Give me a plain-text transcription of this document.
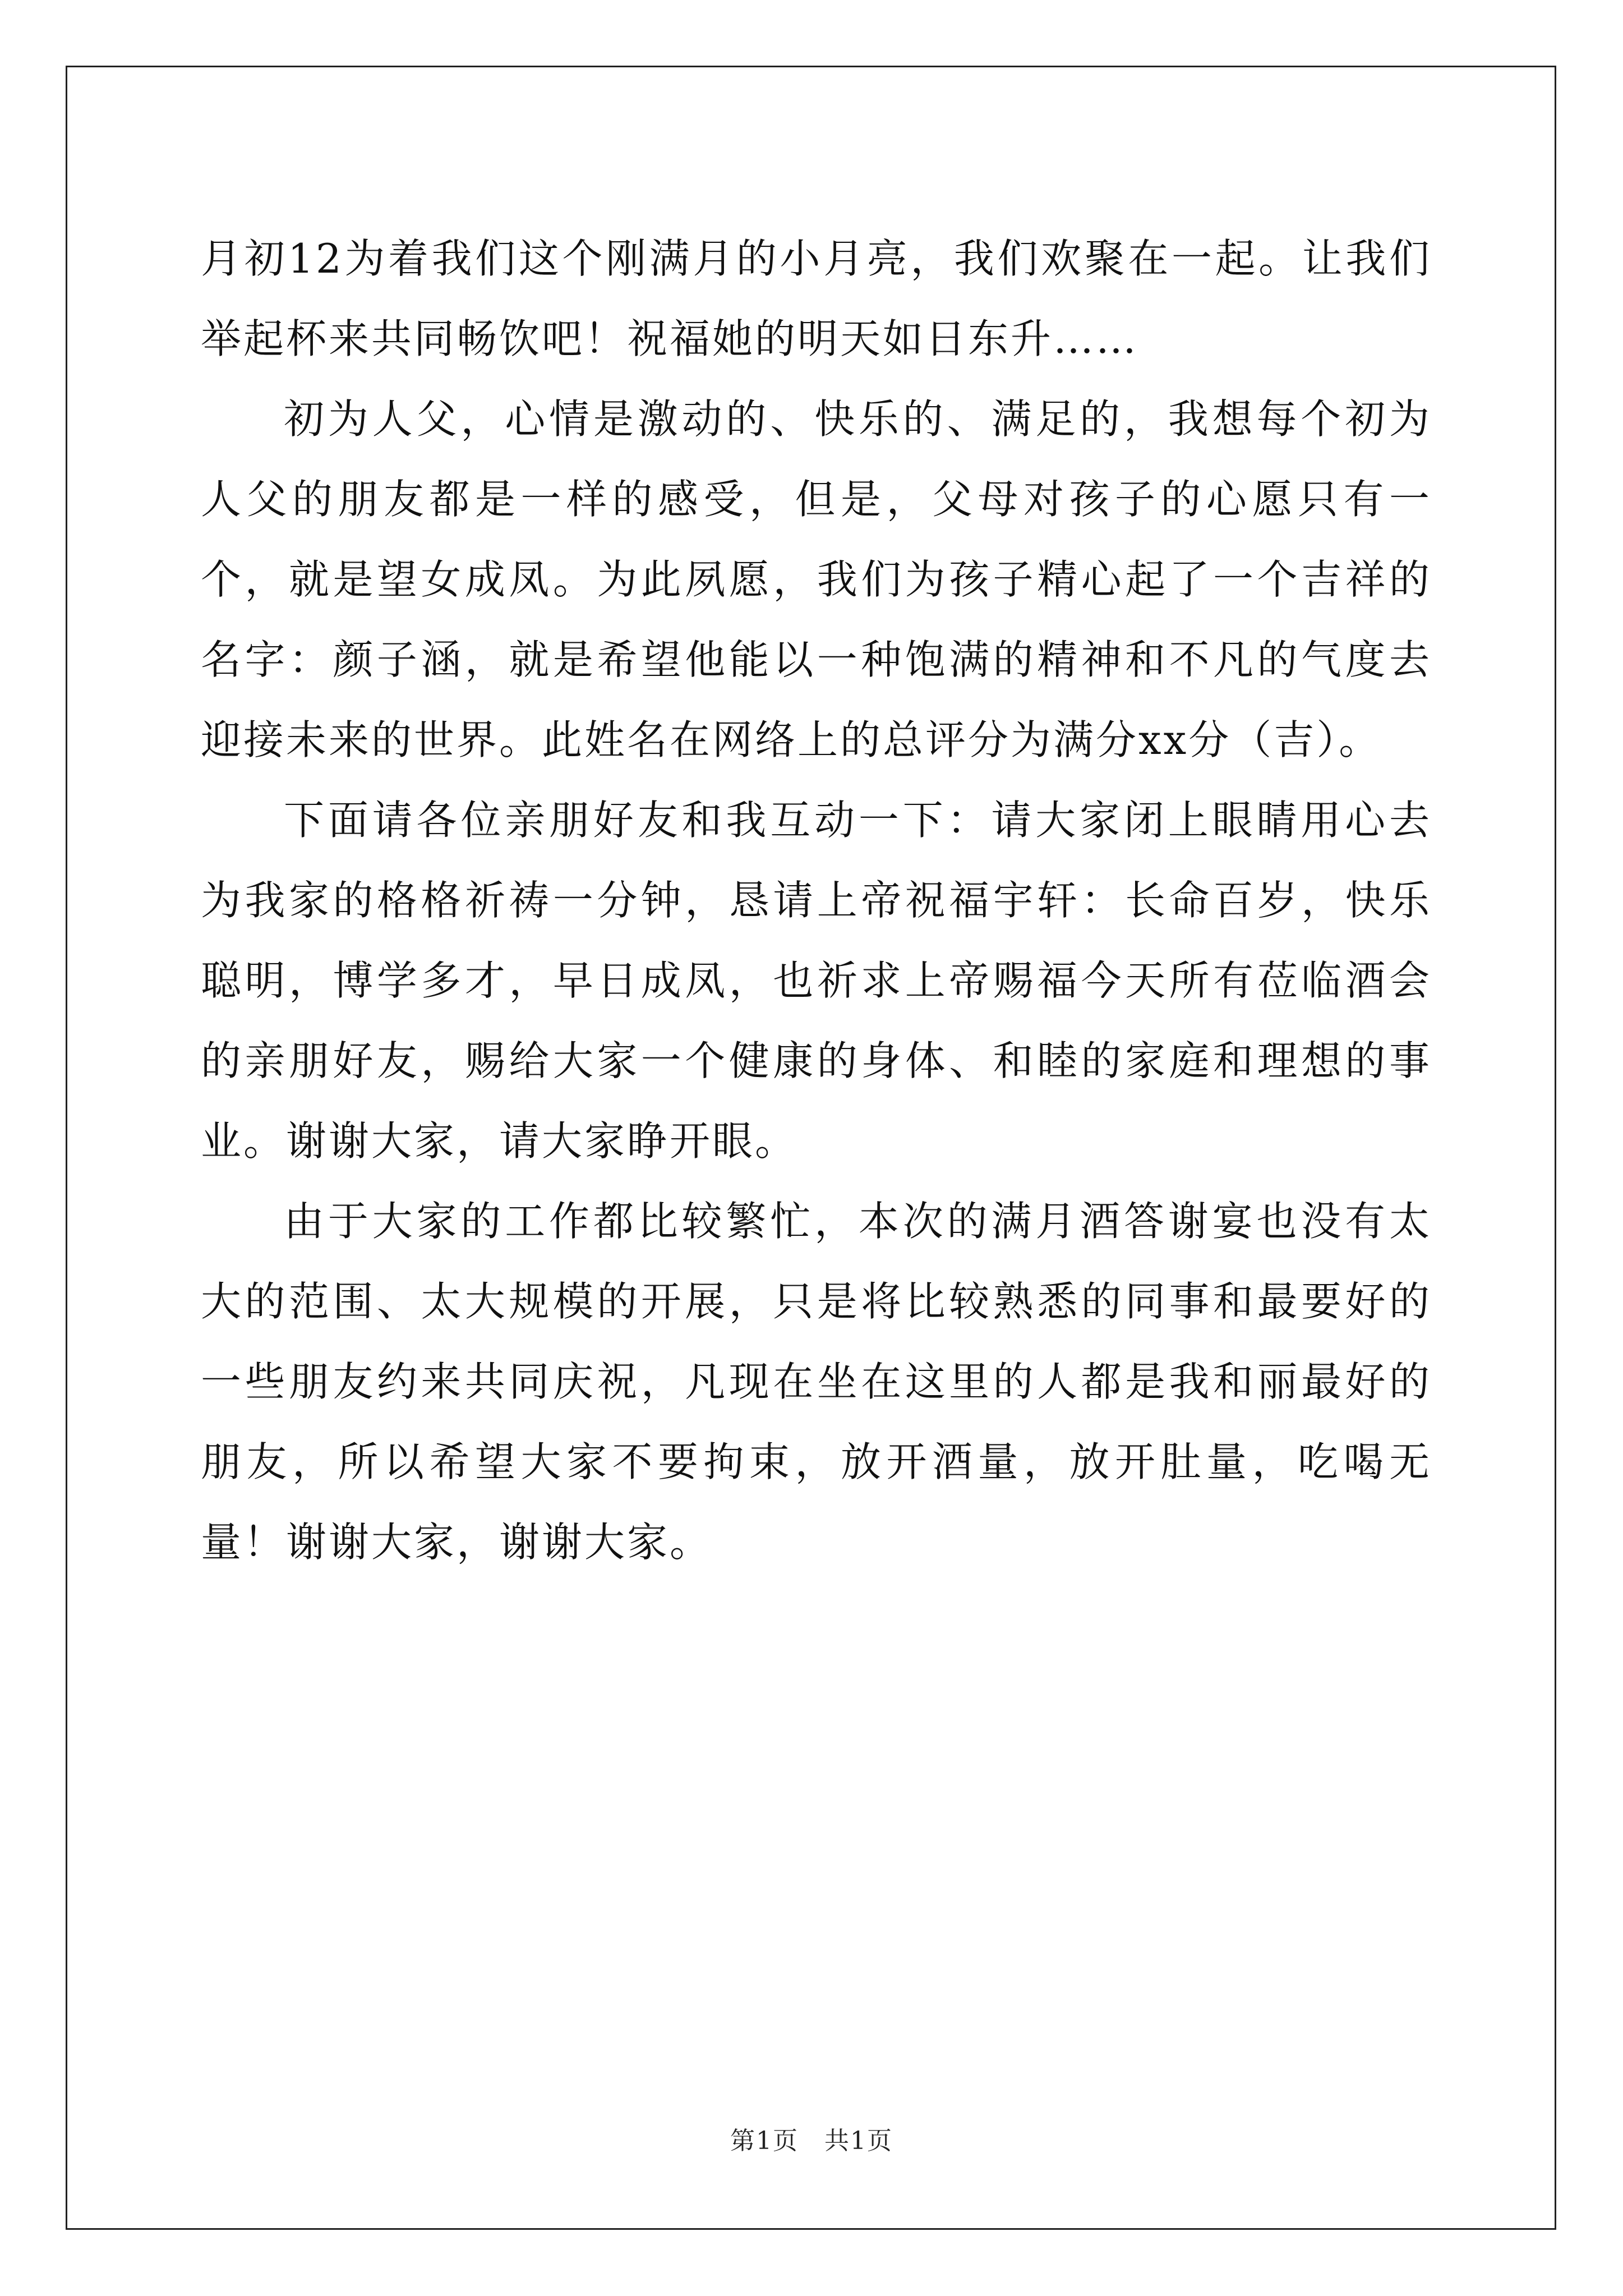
月初12为着我们这个刚满月的小月亮，我们欢聚在一起。让我们举起杯来共同畅饮吧！祝福她的明天如日东升……

初为人父，心情是激动的、快乐的、满足的，我想每个初为人父的朋友都是一样的感受，但是，父母对孩子的心愿只有一个，就是望女成凤。为此夙愿，我们为孩子精心起了一个吉祥的名字：颜子涵，就是希望他能以一种饱满的精神和不凡的气度去迎接未来的世界。此姓名在网络上的总评分为满分xx分（吉）。

下面请各位亲朋好友和我互动一下：请大家闭上眼睛用心去为我家的格格祈祷一分钟，恳请上帝祝福宇轩：长命百岁，快乐聪明，博学多才，早日成凤，也祈求上帝赐福今天所有莅临酒会的亲朋好友，赐给大家一个健康的身体、和睦的家庭和理想的事业。谢谢大家，请大家睁开眼。

由于大家的工作都比较繁忙，本次的满月酒答谢宴也没有太大的范围、太大规模的开展，只是将比较熟悉的同事和最要好的一些朋友约来共同庆祝，凡现在坐在这里的人都是我和丽最好的朋友，所以希望大家不要拘束，放开酒量，放开肚量，吃喝无量！谢谢大家，谢谢大家。

第1页　共1页
